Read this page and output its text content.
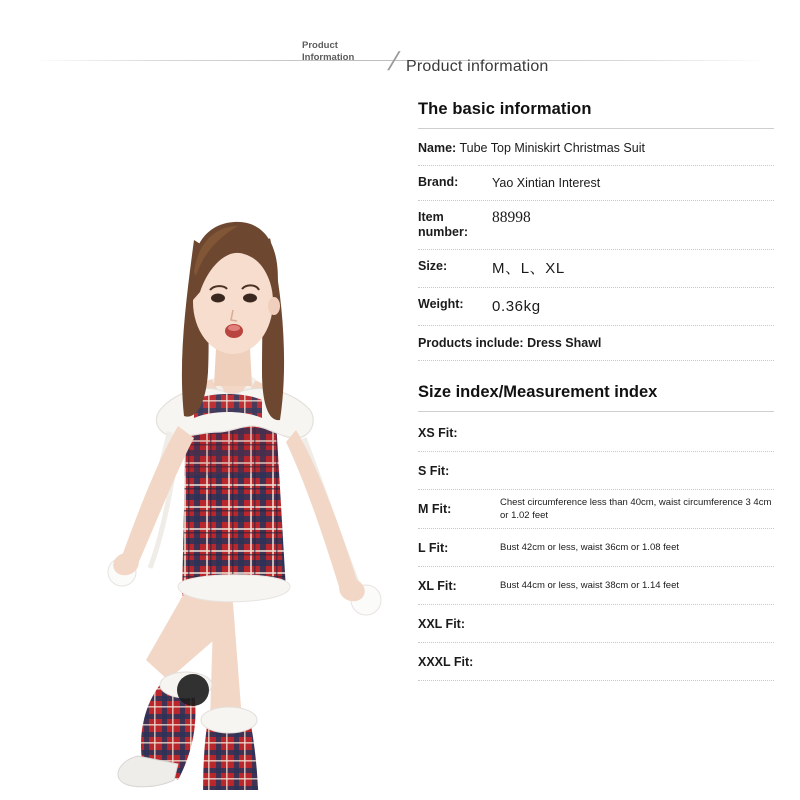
Product Information	/ Product information
The basic information
Name: Tube Top Miniskirt Christmas Suit
Brand:	Yao Xintian Interest
Item number:
88998
Size:	M、L、XL
Weight:	0.36kg
Products include: Dress Shawl
Size index/Measurement index
XS Fit:
S Fit:
M Fit:	Chest circumference less than 40cm, waist circumference 3 4cm or 1.02 feet
L Fit:	Bust 42cm or less, waist 36cm or 1.08 feet
XL Fit:	Bust 44cm or less, waist 38cm or 1.14 feet
XXL Fit:
XXXL Fit:
